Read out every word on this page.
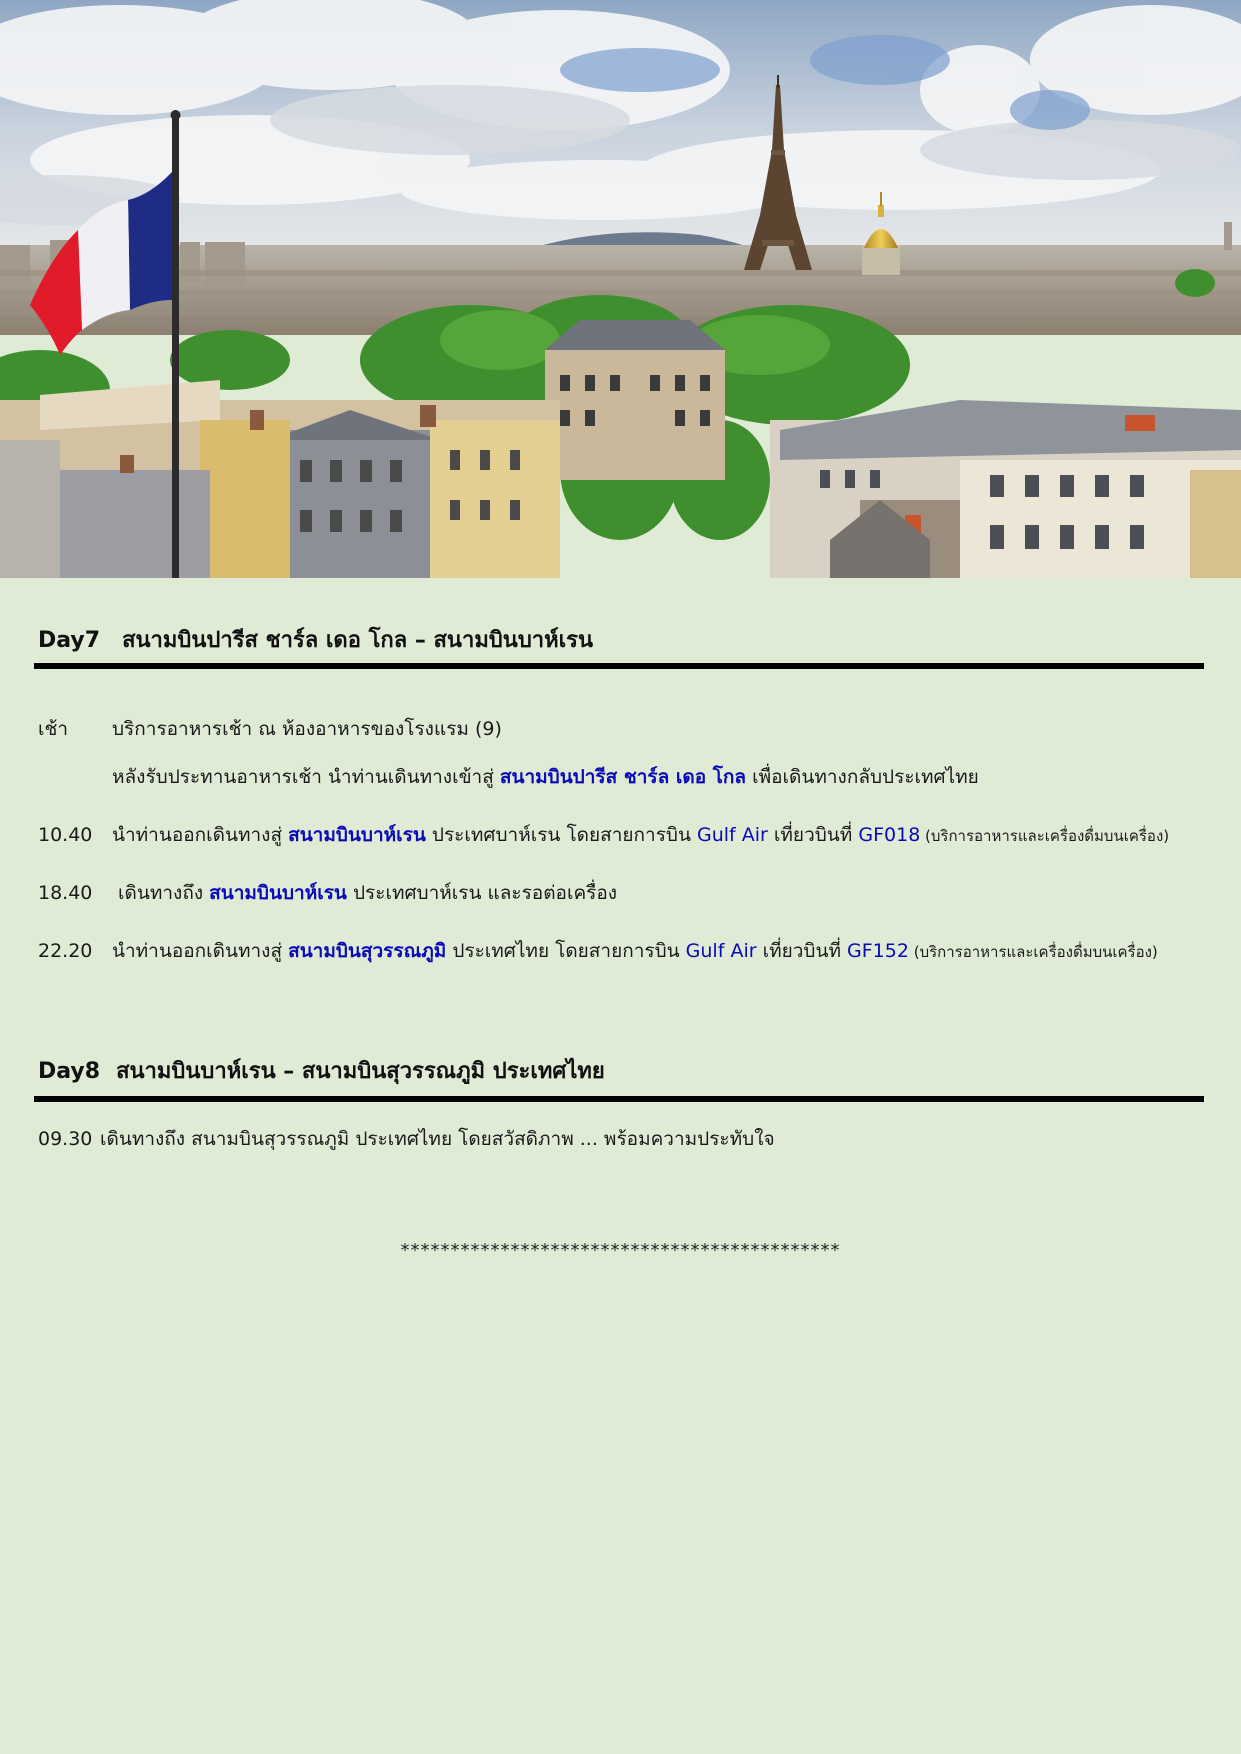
Day7 สนามบินปารีส ชาร์ล เดอ โกล – สนามบินบาห์เรน
เช้า บริการอาหารเช้า ณ ห้องอาหารของโรงแรม (9)
หลังรับประทานอาหารเช้า นำท่านเดินทางเข้าสู่ สนามบินปารีส ชาร์ล เดอ โกล เพื่อเดินทางกลับประเทศไทย
10.40 นำท่านออกเดินทางสู่ สนามบินบาห์เรน ประเทศบาห์เรน โดยสายการบิน Gulf Air เที่ยวบินที่ GF018 (บริการอาหารและเครื่องดื่มบนเครื่อง)
18.40 เดินทางถึง สนามบินบาห์เรน ประเทศบาห์เรน และรอต่อเครื่อง
22.20 นำท่านออกเดินทางสู่ สนามบินสุวรรณภูมิ ประเทศไทย โดยสายการบิน Gulf Air เที่ยวบินที่ GF152 (บริการอาหารและเครื่องดื่มบนเครื่อง)
Day8 สนามบินบาห์เรน – สนามบินสุวรรณภูมิ ประเทศไทย
09.30 เดินทางถึง สนามบินสุวรรณภูมิ ประเทศไทย โดยสวัสดิภาพ ... พร้อมความประทับใจ
********************************************
